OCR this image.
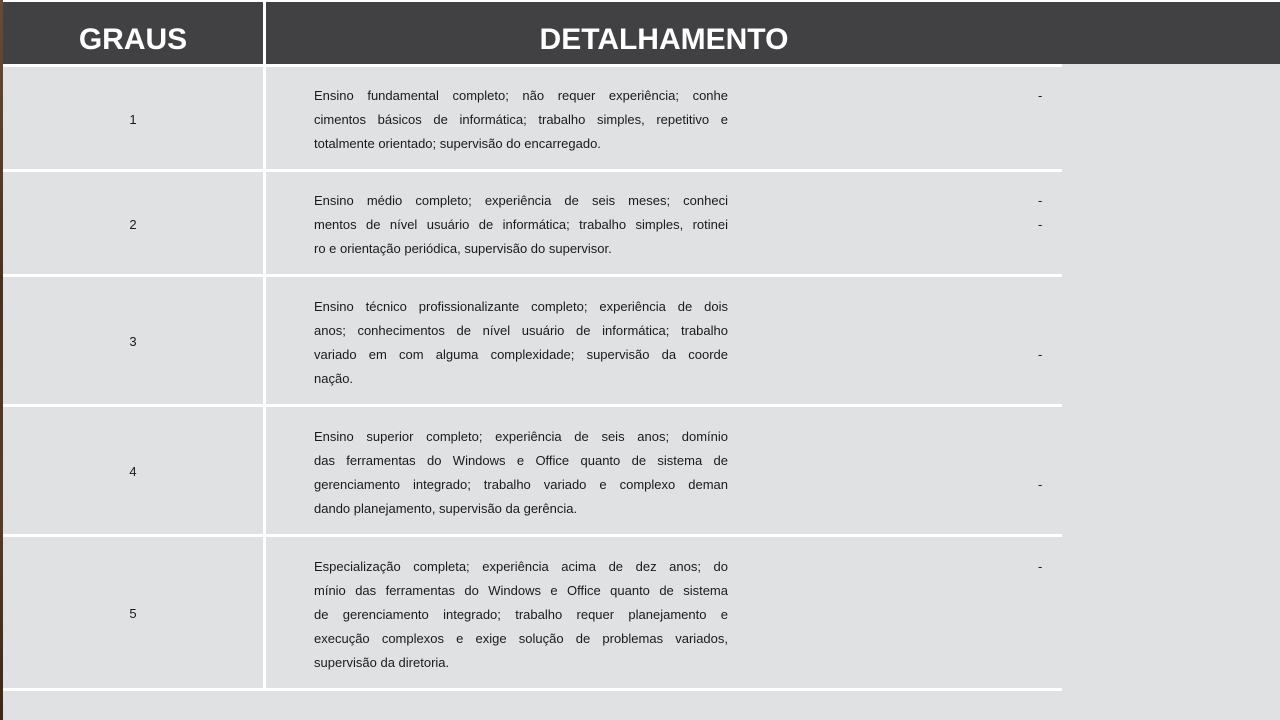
GRAUS	DETALHAMENTO
1
Ensino fundamental completo; não requer experiência; conhe
cimentos básicos de informática; trabalho simples, repetitivo e
totalmente orientado; supervisão do encarregado.
-
2
Ensino médio completo; experiência de seis meses; conheci
mentos de nível usuário de informática; trabalho simples, rotinei
ro e orientação periódica, supervisão do supervisor.
-
-
3
Ensino técnico profissionalizante completo; experiência de dois
anos; conhecimentos de nível usuário de informática; trabalho
variado em com alguma complexidade; supervisão da coorde
nação.
-
4
Ensino superior completo; experiência de seis anos; domínio
das ferramentas do Windows e Office quanto de sistema de
gerenciamento integrado; trabalho variado e complexo deman
dando planejamento, supervisão da gerência.
-
5
Especialização completa; experiência acima de dez anos; do
mínio das ferramentas do Windows e Office quanto de sistema
de gerenciamento integrado; trabalho requer planejamento e
execução complexos e exige solução de problemas variados,
supervisão da diretoria.
-
